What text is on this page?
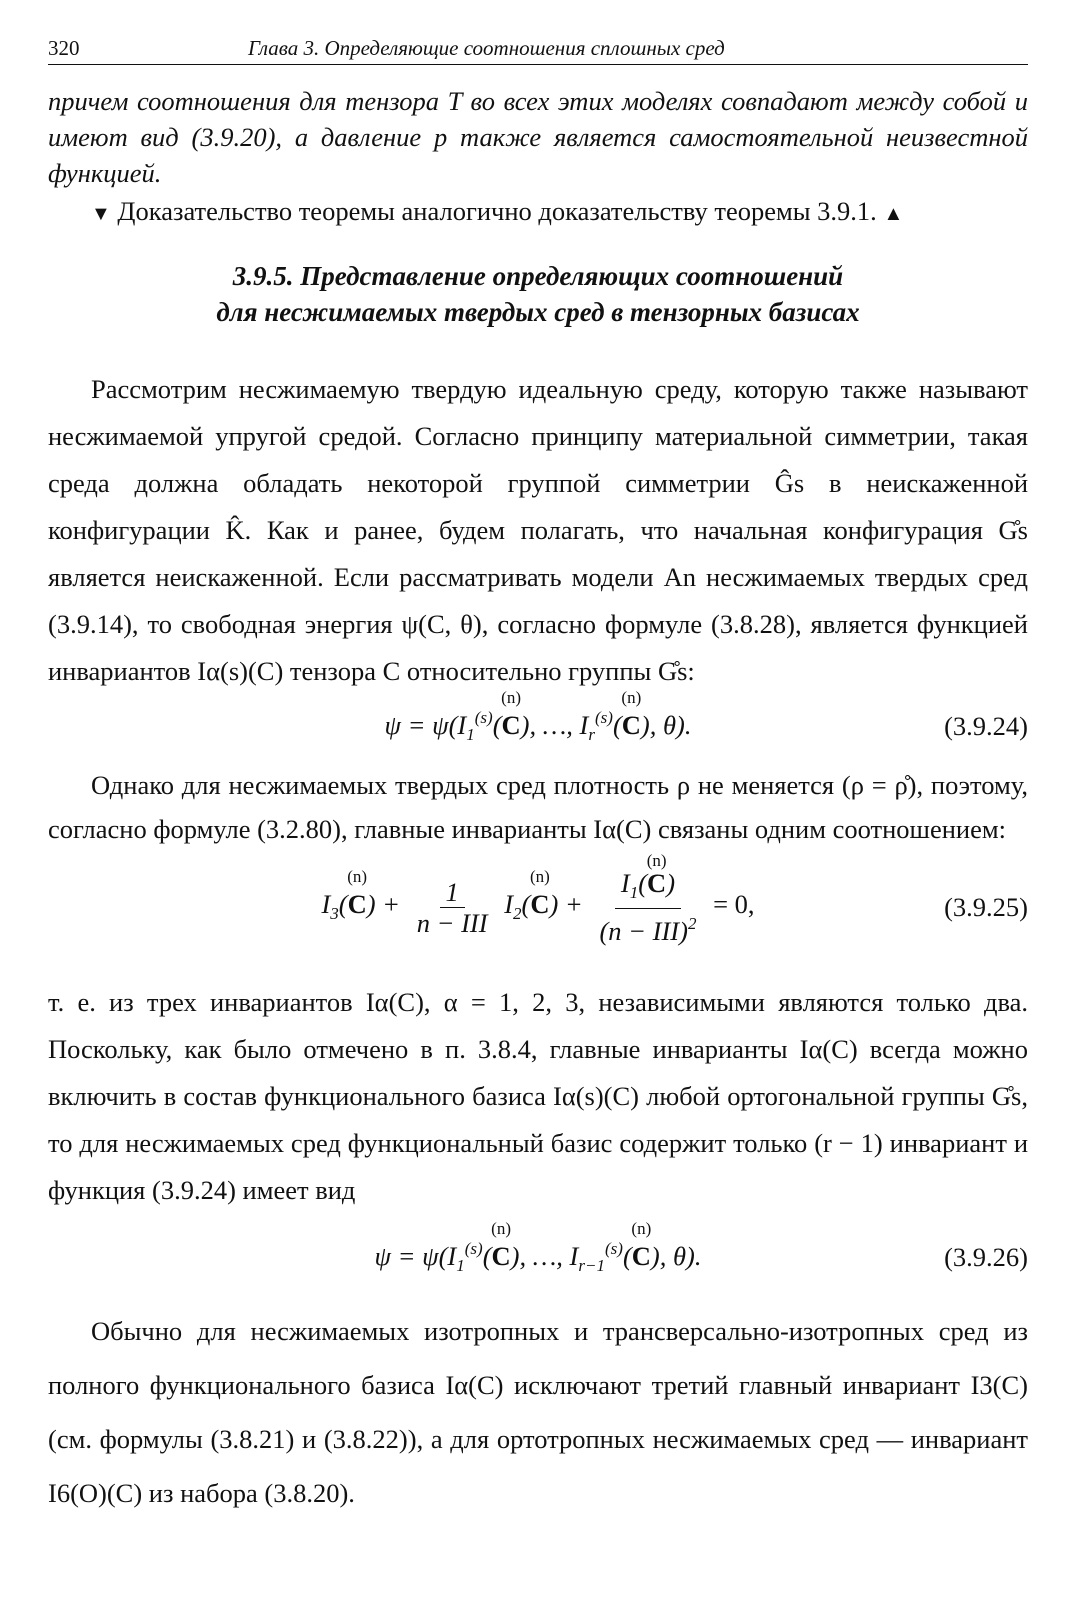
320	Глава 3. Определяющие соотношения сплошных сред

причем соотношения для тензора T во всех этих моделях совпадают между собой и имеют вид (3.9.20), а давление p также является самостоятельной неизвестной функцией.

▼ Доказательство теоремы аналогично доказательству теоремы 3.9.1. ▲

3.9.5. Представление определяющих соотношений

для несжимаемых твердых сред в тензорных базисах

Рассмотрим несжимаемую твердую идеальную среду, которую также называют несжимаемой упругой средой. Согласно принципу материальной симметрии, такая среда должна обладать некоторой группой симметрии Ĝs в неискаженной конфигурации K̂. Как и ранее, будем полагать, что начальная конфигурация G̊s является неискаженной. Если рассматривать модели An несжимаемых твердых сред (3.9.14), то свободная энергия ψ(C, θ), согласно формуле (3.8.28), является функцией инвариантов Iα(s)(C) тензора C относительно группы G̊s:

$\psi = \psi(I_1^{(s)}$(
(n)
C), …, $I_r^{(s)}$(
(n)
C), θ).	(3.9.24)

Однако для несжимаемых твердых сред плотность ρ не меняется (ρ = ρ̊), поэтому, согласно формуле (3.2.80), главные инварианты Iα(C) связаны одним соотношением:

$I_3$(
(n)
$C) + \frac{1}{\text{n − III}} I_2$(
(n)
$C) + I_1$(
(n)
C)
(n − III)$^2$ = 0,	(3.9.25)

т. е. из трех инвариантов Iα(C), α = 1, 2, 3, независимыми являются только два. Поскольку, как было отмечено в п. 3.8.4, главные инварианты Iα(C) всегда можно включить в состав функционального базиса Iα(s)(C) любой ортогональной группы G̊s, то для несжимаемых сред функциональный базис содержит только (r − 1) инвариант и функция (3.9.24) имеет вид

$\psi = \psi(I_1^{(s)}$(
(n)
C), …, $I_{r-1}^{(s)}$(
(n)
C), θ).	(3.9.26)

Обычно для несжимаемых изотропных и трансверсально-изотропных сред из полного функционального базиса Iα(C) исключают третий главный инвариант I3(C) (см. формулы (3.8.21) и (3.8.22)), а для ортотропных несжимаемых сред — инвариант I6(O)(C) из набора (3.8.20).
